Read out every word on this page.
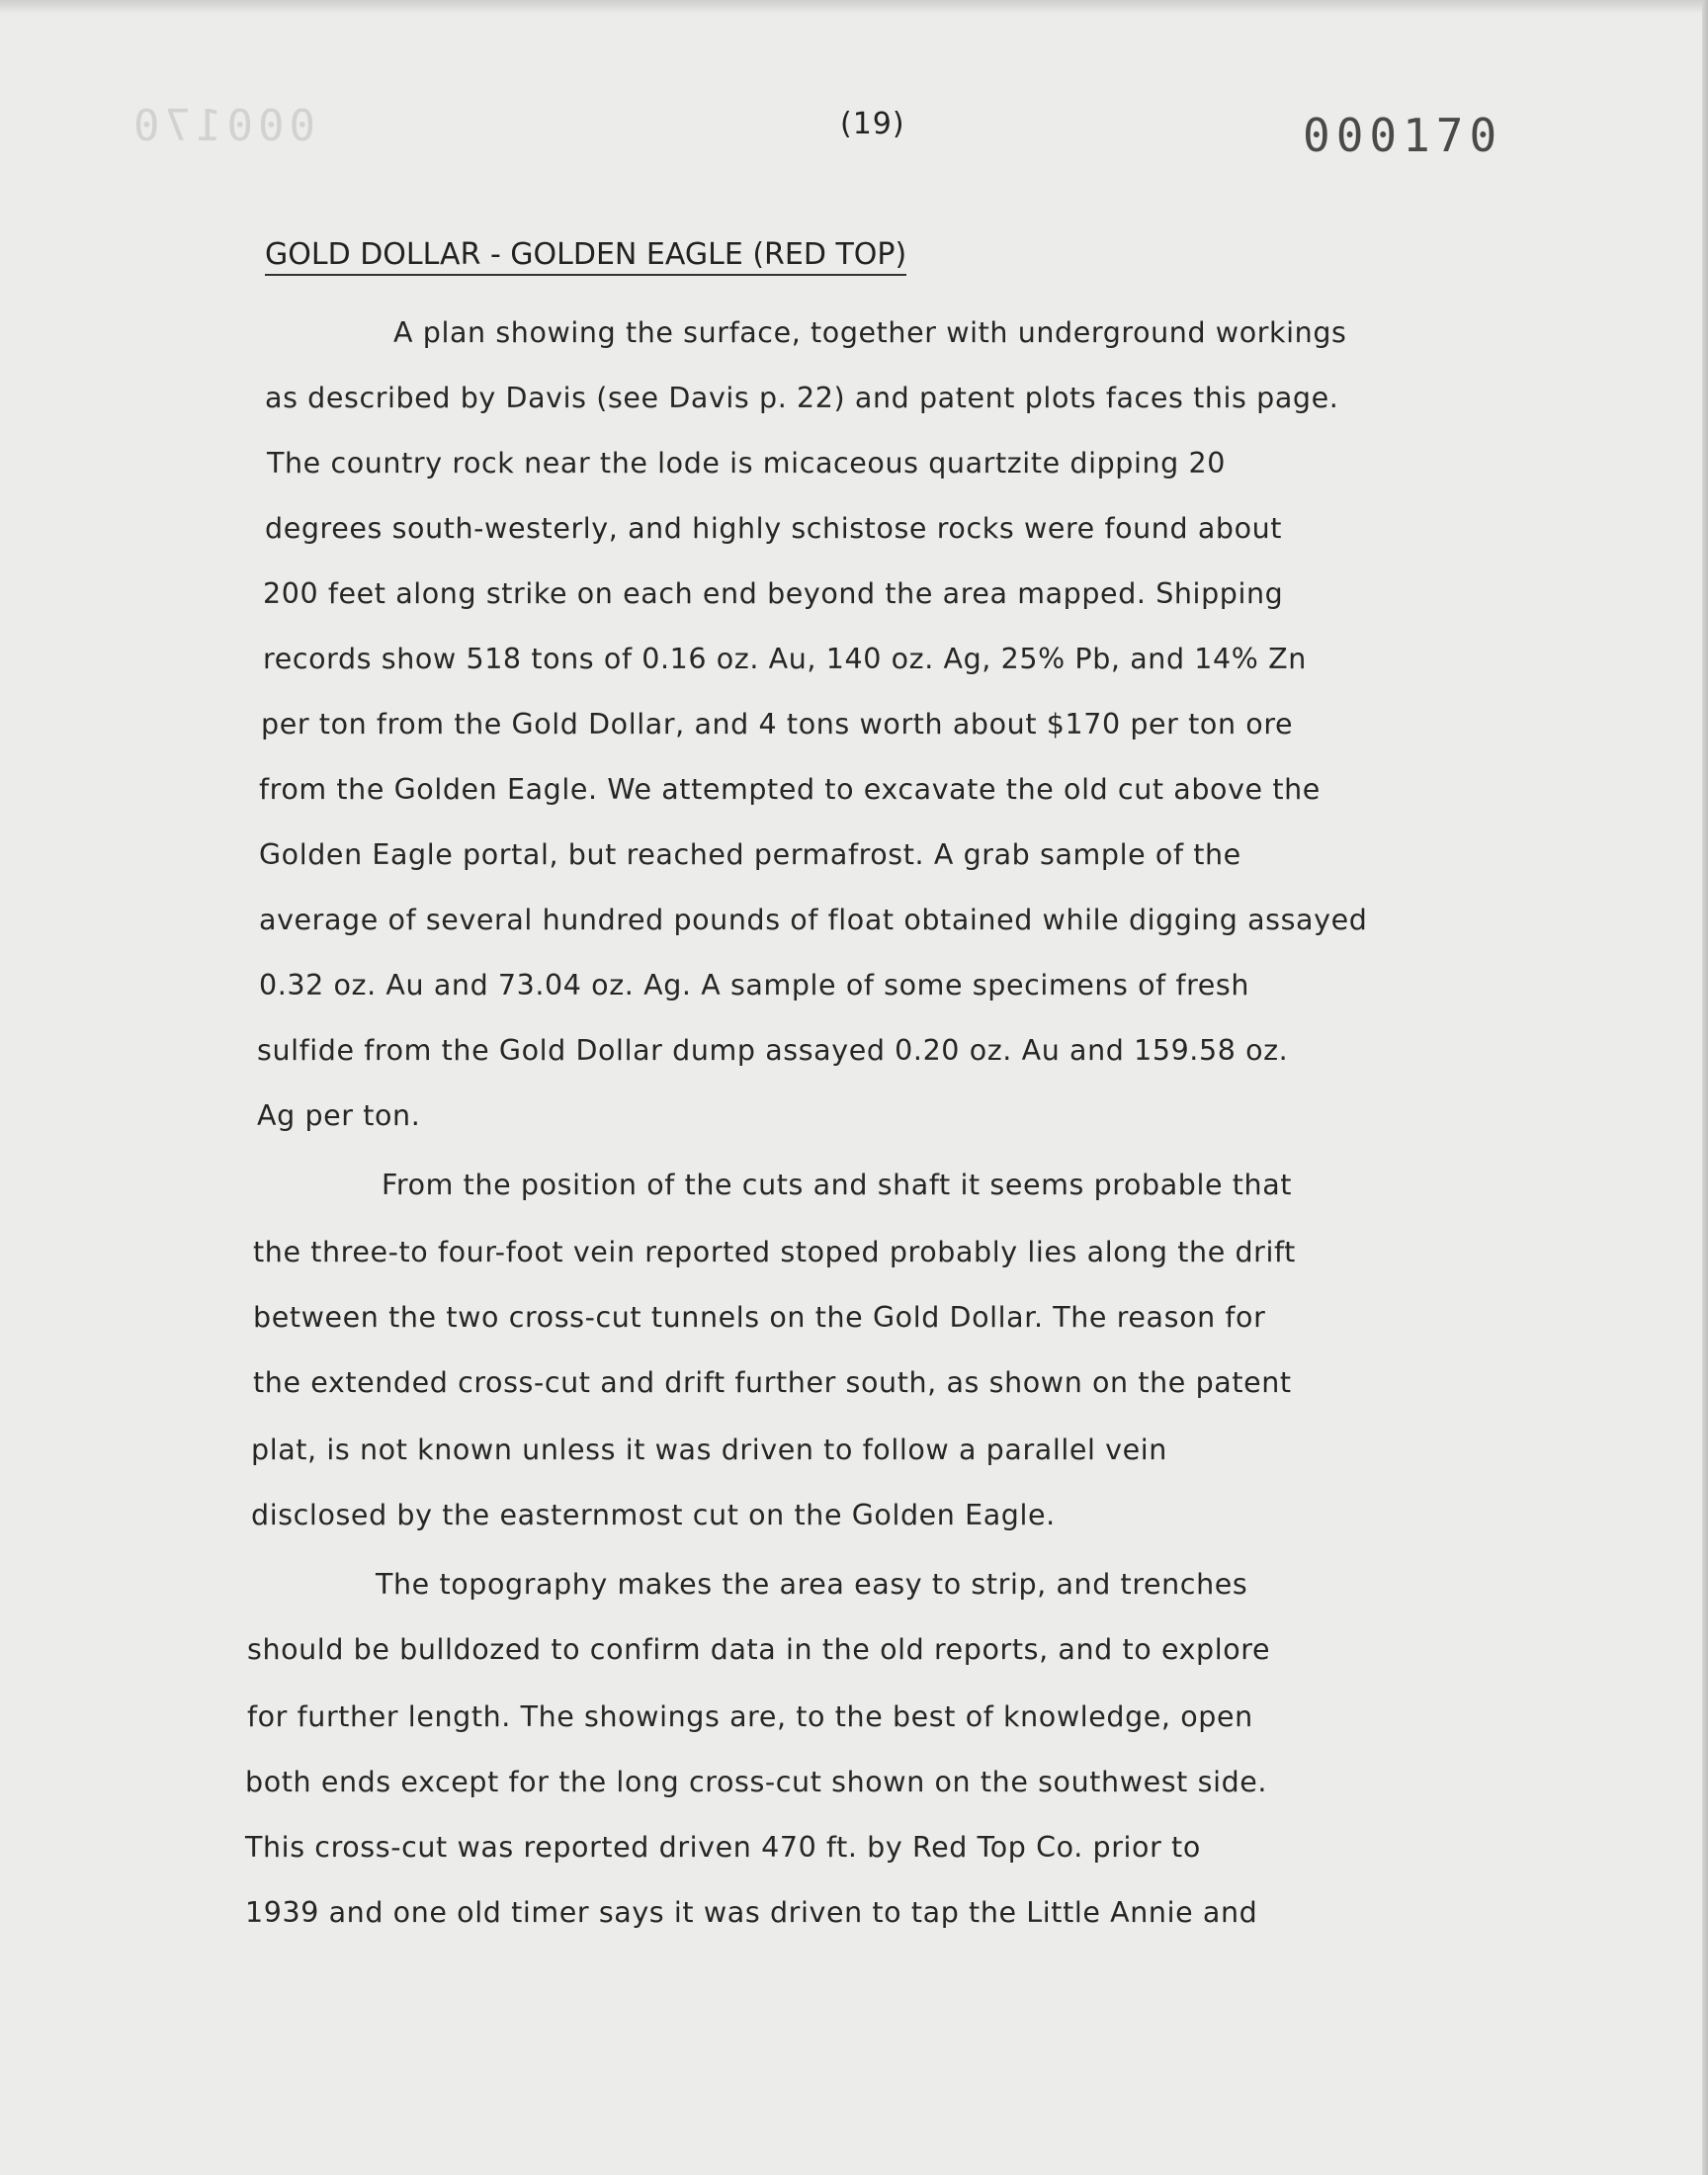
000170	(19)	000170
GOLD DOLLAR - GOLDEN EAGLE (RED TOP)
A plan showing the surface, together with underground workings
as described by Davis (see Davis p. 22) and patent plots faces this page.
The country rock near the lode is micaceous quartzite dipping 20
degrees south-westerly, and highly schistose rocks were found about
200 feet along strike on each end beyond the area mapped. Shipping
records show 518 tons of 0.16 oz. Au, 140 oz. Ag, 25% Pb, and 14% Zn
per ton from the Gold Dollar, and 4 tons worth about $170 per ton ore
from the Golden Eagle. We attempted to excavate the old cut above the
Golden Eagle portal, but reached permafrost. A grab sample of the
average of several hundred pounds of float obtained while digging assayed
0.32 oz. Au and 73.04 oz. Ag. A sample of some specimens of fresh
sulfide from the Gold Dollar dump assayed 0.20 oz. Au and 159.58 oz.
Ag per ton.
From the position of the cuts and shaft it seems probable that
the three-to four-foot vein reported stoped probably lies along the drift
between the two cross-cut tunnels on the Gold Dollar. The reason for
the extended cross-cut and drift further south, as shown on the patent
plat, is not known unless it was driven to follow a parallel vein
disclosed by the easternmost cut on the Golden Eagle.
The topography makes the area easy to strip, and trenches
should be bulldozed to confirm data in the old reports, and to explore
for further length. The showings are, to the best of knowledge, open
both ends except for the long cross-cut shown on the southwest side.
This cross-cut was reported driven 470 ft. by Red Top Co. prior to
1939 and one old timer says it was driven to tap the Little Annie and
